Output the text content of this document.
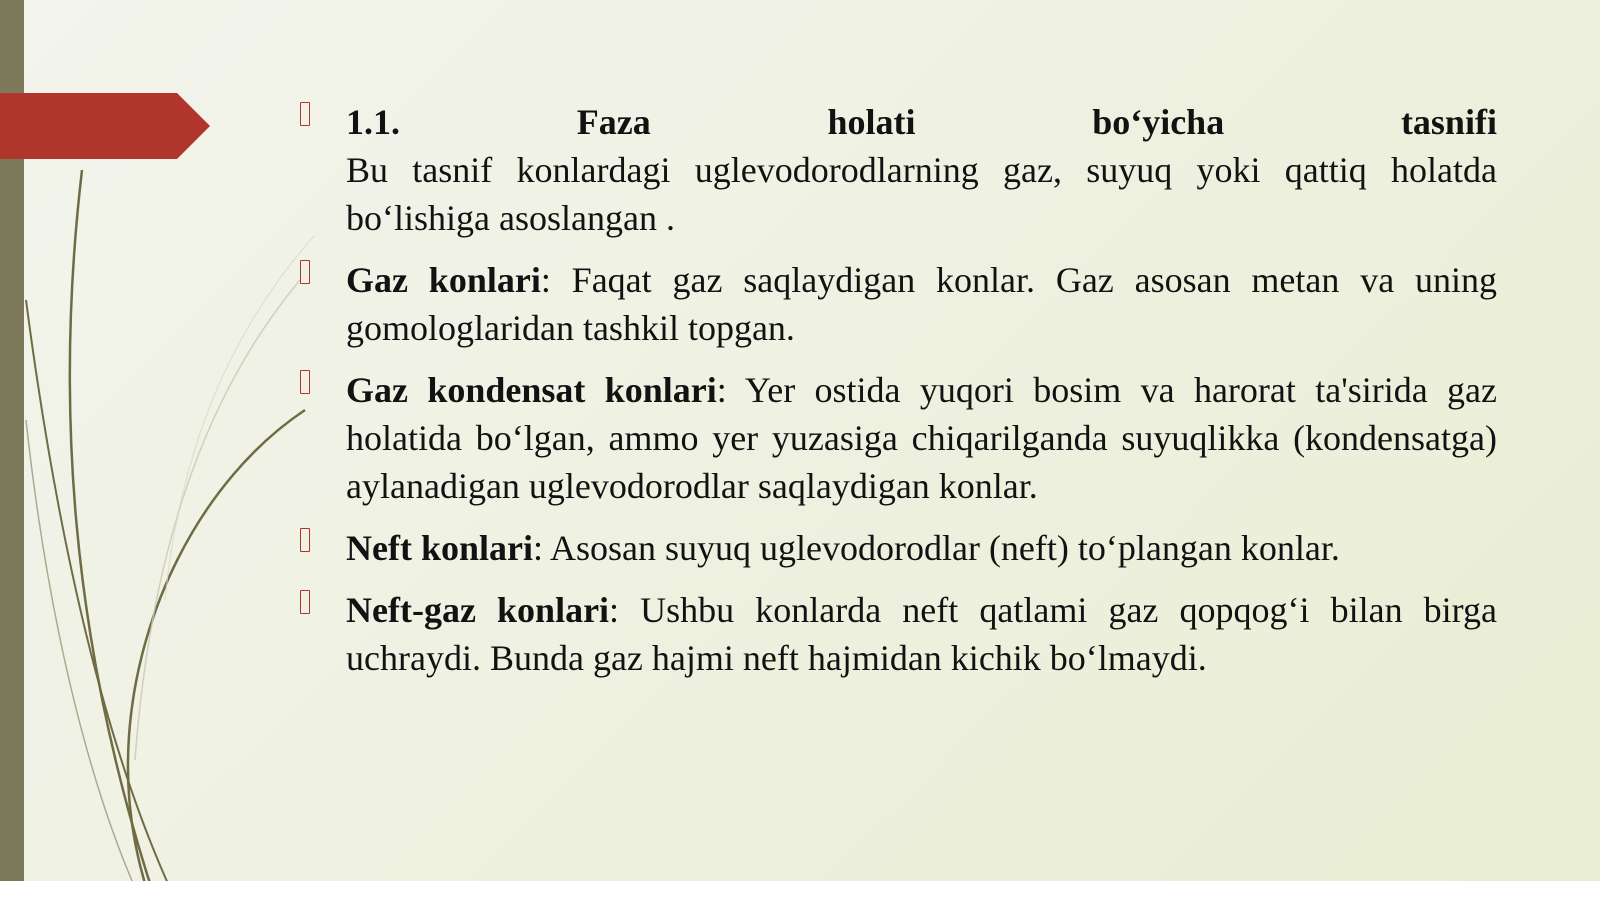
1.1.	Faza	holati	bo‘yicha	tasnifi
Bu tasnif konlardagi uglevodorodlarning gaz, suyuq yoki qattiq holatda bo‘lishiga asoslangan .
Gaz konlari: Faqat gaz saqlaydigan konlar. Gaz asosan metan va uning gomologlaridan tashkil topgan.
Gaz kondensat konlari: Yer ostida yuqori bosim va harorat ta'sirida gaz holatida bo‘lgan, ammo yer yuzasiga chiqarilganda suyuqlikka (kondensatga) aylanadigan uglevodorodlar saqlaydigan konlar.
Neft konlari: Asosan suyuq uglevodorodlar (neft) to‘plangan konlar.
Neft-gaz konlari: Ushbu konlarda neft qatlami gaz qopqog‘i bilan birga uchraydi. Bunda gaz hajmi neft hajmidan kichik bo‘lmaydi.
